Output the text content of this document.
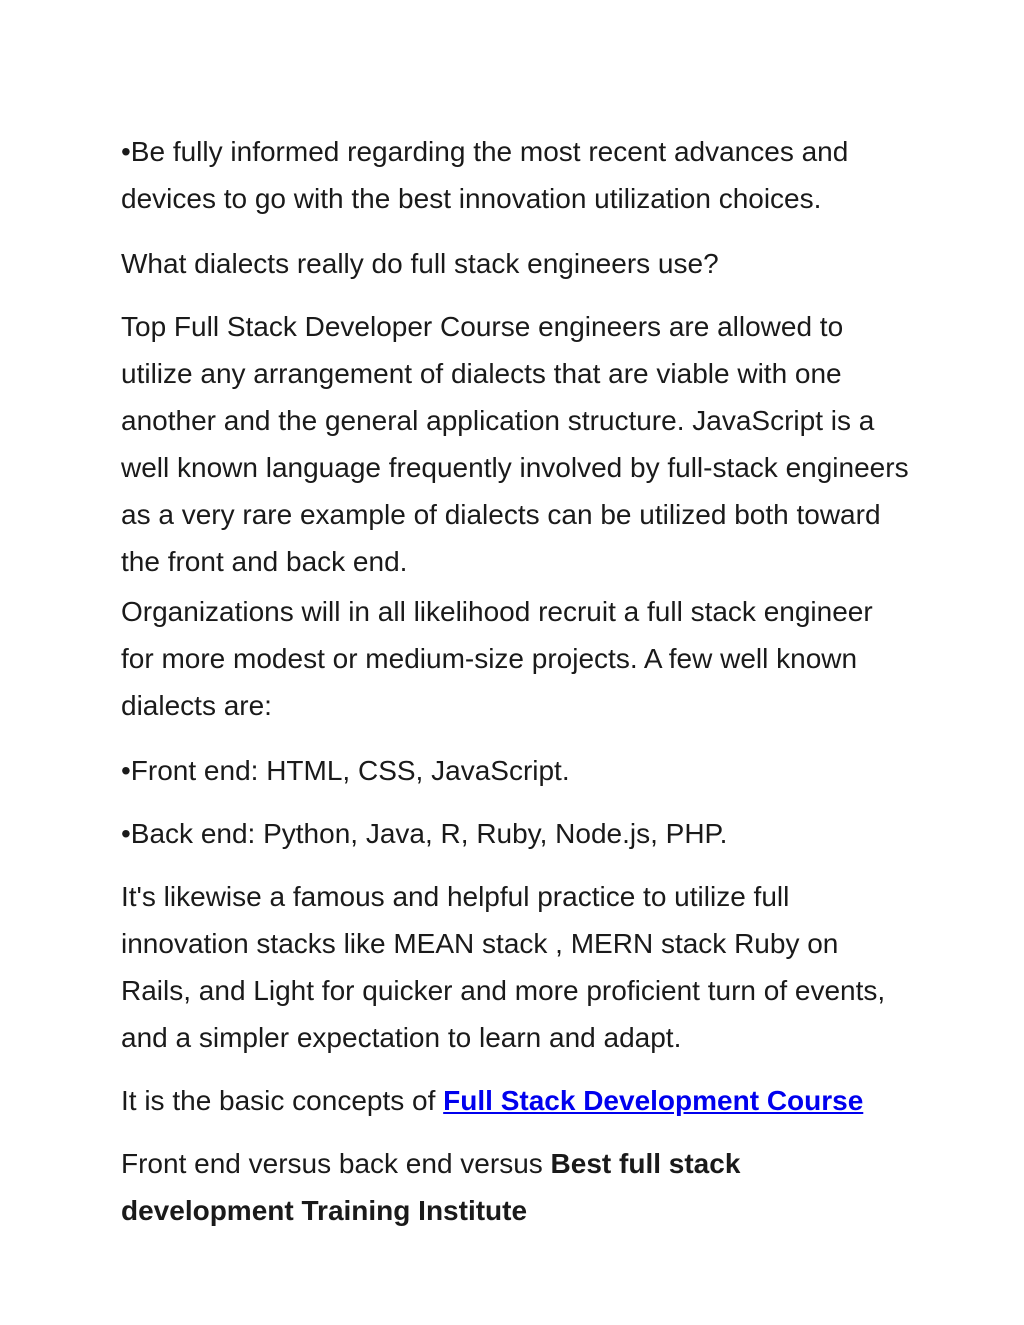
•Be fully informed regarding the most recent advances and devices to go with the best innovation utilization choices.

What dialects really do full stack engineers use?

Top Full Stack Developer Course engineers are allowed to utilize any arrangement of dialects that are viable with one another and the general application structure. JavaScript is a well known language frequently involved by full-stack engineers as a very rare example of dialects can be utilized both toward the front and back end.

Organizations will in all likelihood recruit a full stack engineer for more modest or medium-size projects. A few well known dialects are:

•Front end: HTML, CSS, JavaScript.

•Back end: Python, Java, R, Ruby, Node.js, PHP.

It's likewise a famous and helpful practice to utilize full innovation stacks like MEAN stack , MERN stack Ruby on Rails, and Light for quicker and more proficient turn of events, and a simpler expectation to learn and adapt.

It is the basic concepts of Full Stack Development Course

Front end versus back end versus Best full stack development Training Institute
